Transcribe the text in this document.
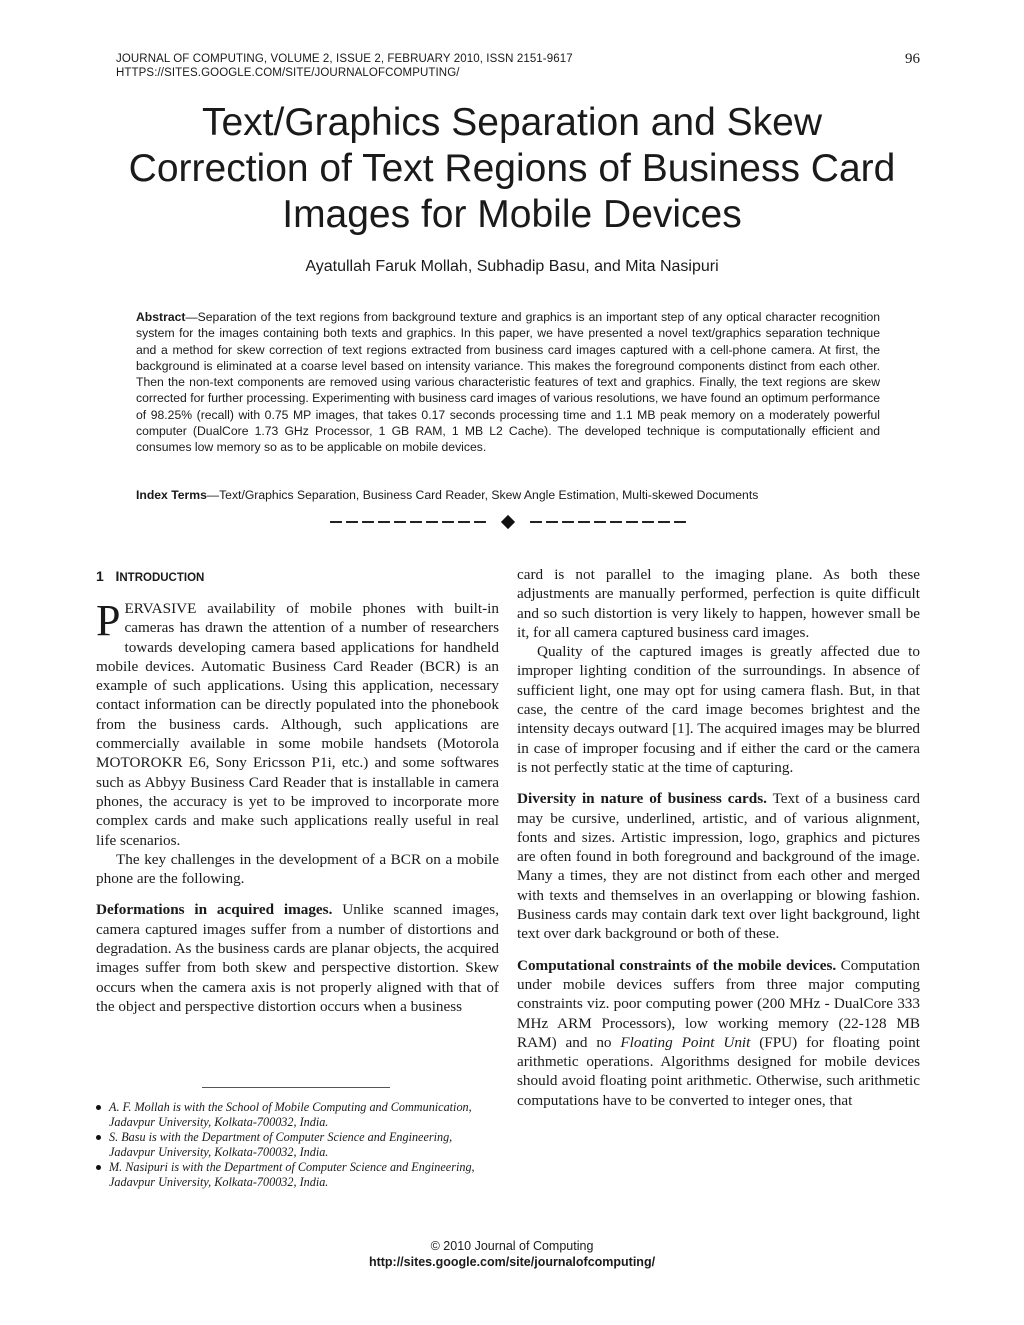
JOURNAL OF COMPUTING, VOLUME 2, ISSUE 2, FEBRUARY 2010, ISSN 2151-9617
HTTPS://SITES.GOOGLE.COM/SITE/JOURNALOFCOMPUTING/
96
Text/Graphics Separation and Skew
Correction of Text Regions of Business Card
Images for Mobile Devices
Ayatullah Faruk Mollah, Subhadip Basu, and Mita Nasipuri

Abstract—Separation of the text regions from background texture and graphics is an important step of any optical character recognition system for the images containing both texts and graphics. In this paper, we have presented a novel text/graphics separation technique and a method for skew correction of text regions extracted from business card images captured with a cell-phone camera. At first, the background is eliminated at a coarse level based on intensity variance. This makes the foreground components distinct from each other. Then the non-text components are removed using various characteristic features of text and graphics. Finally, the text regions are skew corrected for further processing. Experimenting with business card images of various resolutions, we have found an optimum performance of 98.25% (recall) with 0.75 MP images, that takes 0.17 seconds processing time and 1.1 MB peak memory on a moderately powerful computer (DualCore 1.73 GHz Processor, 1 GB RAM, 1 MB L2 Cache). The developed technique is computationally efficient and consumes low memory so as to be applicable on mobile devices.

Index Terms—Text/Graphics Separation, Business Card Reader, Skew Angle Estimation, Multi-skewed Documents

1 INTRODUCTION

PERVASIVE availability of mobile phones with built-in cameras has drawn the attention of a number of researchers towards developing camera based applications for handheld mobile devices. Automatic Business Card Reader (BCR) is an example of such applications. Using this application, necessary contact information can be directly populated into the phonebook from the business cards. Although, such applications are commercially available in some mobile handsets (Motorola MOTOROKR E6, Sony Ericsson P1i, etc.) and some softwares such as Abbyy Business Card Reader that is installable in camera phones, the accuracy is yet to be improved to incorporate more complex cards and make such applications really useful in real life scenarios.

The key challenges in the development of a BCR on a mobile phone are the following.

Deformations in acquired images. Unlike scanned images, camera captured images suffer from a number of distortions and degradation. As the business cards are planar objects, the acquired images suffer from both skew and perspective distortion. Skew occurs when the camera axis is not properly aligned with that of the object and perspective distortion occurs when a business

card is not parallel to the imaging plane. As both these adjustments are manually performed, perfection is quite difficult and so such distortion is very likely to happen, however small be it, for all camera captured business card images.

Quality of the captured images is greatly affected due to improper lighting condition of the surroundings. In absence of sufficient light, one may opt for using camera flash. But, in that case, the centre of the card image becomes brightest and the intensity decays outward [1]. The acquired images may be blurred in case of improper focusing and if either the card or the camera is not perfectly static at the time of capturing.

Diversity in nature of business cards. Text of a business card may be cursive, underlined, artistic, and of various alignment, fonts and sizes. Artistic impression, logo, graphics and pictures are often found in both foreground and background of the image. Many a times, they are not distinct from each other and merged with texts and themselves in an overlapping or blowing fashion. Business cards may contain dark text over light background, light text over dark background or both of these.

Computational constraints of the mobile devices. Computation under mobile devices suffers from three major computing constraints viz. poor computing power (200 MHz - DualCore 333 MHz ARM Processors), low working memory (22-128 MB RAM) and no Floating Point Unit (FPU) for floating point arithmetic operations. Algorithms designed for mobile devices should avoid floating point arithmetic. Otherwise, such arithmetic computations have to be converted to integer ones, that

A. F. Mollah is with the School of Mobile Computing and Communication, Jadavpur University, Kolkata-700032, India.
S. Basu is with the Department of Computer Science and Engineering, Jadavpur University, Kolkata-700032, India.
M. Nasipuri is with the Department of Computer Science and Engineering, Jadavpur University, Kolkata-700032, India.
© 2010 Journal of Computing
http://sites.google.com/site/journalofcomputing/
